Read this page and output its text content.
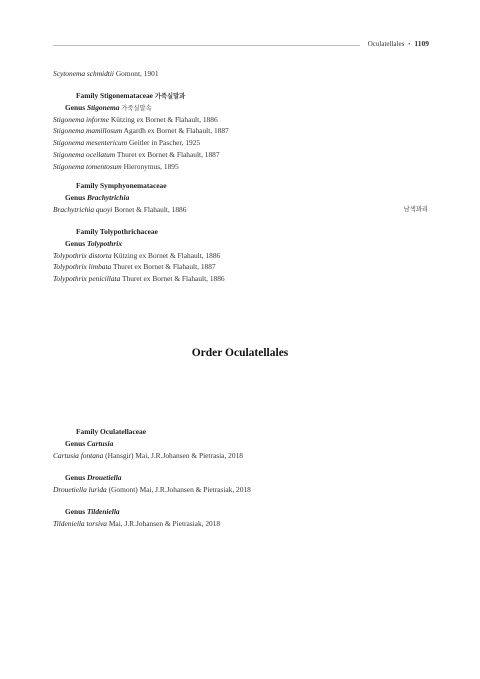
Oculatellales • 1109
Scytonema schmidtii Gomont, 1901
Family Stigonemataceae 가죽실말과
Genus Stigonema 가죽실말속
Stigonema informe Kützing ex Bornet & Flahault, 1886
Stigonema mamillosum Agardh ex Bornet & Flahault, 1887
Stigonema mesentericum Geitler in Pascher, 1925
Stigonema ocellatum Thuret ex Bornet & Flahault, 1887
Stigonema tomentosum Hieronymus, 1895
Family Symphyonemataceae
Genus Brachytrichia
Brachytrichia quoyi Bornet & Flahault, 1886	남색꽈리
Family Tolypothrichaceae
Genus Tolypothrix
Tolypothrix distorta Kützing ex Bornet & Flahault, 1886
Tolypothrix limbata Thuret ex Bornet & Flahault, 1887
Tolypothrix penicillata Thuret ex Bornet & Flahault, 1886
Order Oculatellales
Family Oculatellaceae
Genus Cartusia
Cartusia fontana (Hansgir) Mai, J.R.Johansen & Pietrasia, 2018
Genus Drouetiella
Drouetiella lurida (Gomont) Mai, J.R.Johansen & Pietrasiak, 2018
Genus Tildeniella
Tildeniella torsiva Mai, J.R.Johansen & Pietrasiak, 2018
